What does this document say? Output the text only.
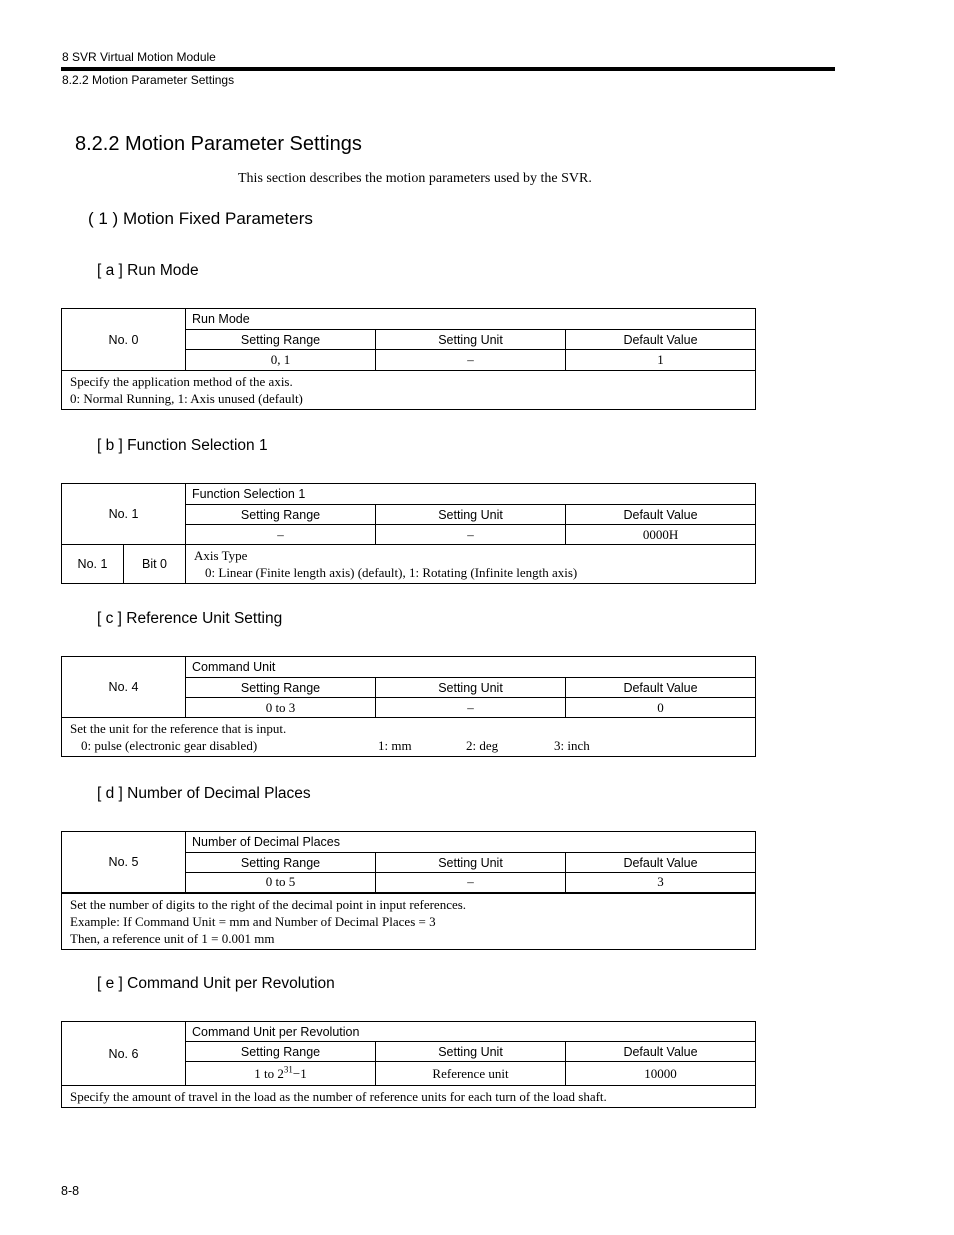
8 SVR Virtual Motion Module
8.2.2 Motion Parameter Settings
8.2.2 Motion Parameter Settings
This section describes the motion parameters used by the SVR.
( 1 ) Motion Fixed Parameters
[ a ] Run Mode
No. 0	Run Mode		
	Setting Range	Setting Unit	Default Value
	0, 1	–	1

Specify the application method of the axis.
0: Normal Running, 1: Axis unused (default)			
[ b ] Function Selection 1
No. 1		Function Selection 1		
		Setting Range	Setting Unit	Default Value
		–	–	0000H
No. 1	Bit 0	Axis Type
0: Linear (Finite length axis) (default), 1: Rotating (Infinite length axis)		
[ c ] Reference Unit Setting
No. 4	Command Unit		
	Setting Range	Setting Unit	Default Value
	0 to 3	–	0

Set the unit for the reference that is input.
0: pulse (electronic gear disabled) 1: mm 2: deg 3: inch			
[ d ] Number of Decimal Places
No. 5	Number of Decimal Places		
	Setting Range	Setting Unit	Default Value
	0 to 5	–	3

Set the number of digits to the right of the decimal point in input references.
Example: If Command Unit = mm and Number of Decimal Places = 3
Then, a reference unit of 1 = 0.001 mm			
[ e ] Command Unit per Revolution
No. 6	Command Unit per Revolution		
	Setting Range	Setting Unit	Default Value
	1 to $2^{31}-1$	Reference unit	10000

Specify the amount of travel in the load as the number of reference units for each turn of the load shaft.			
8-8
